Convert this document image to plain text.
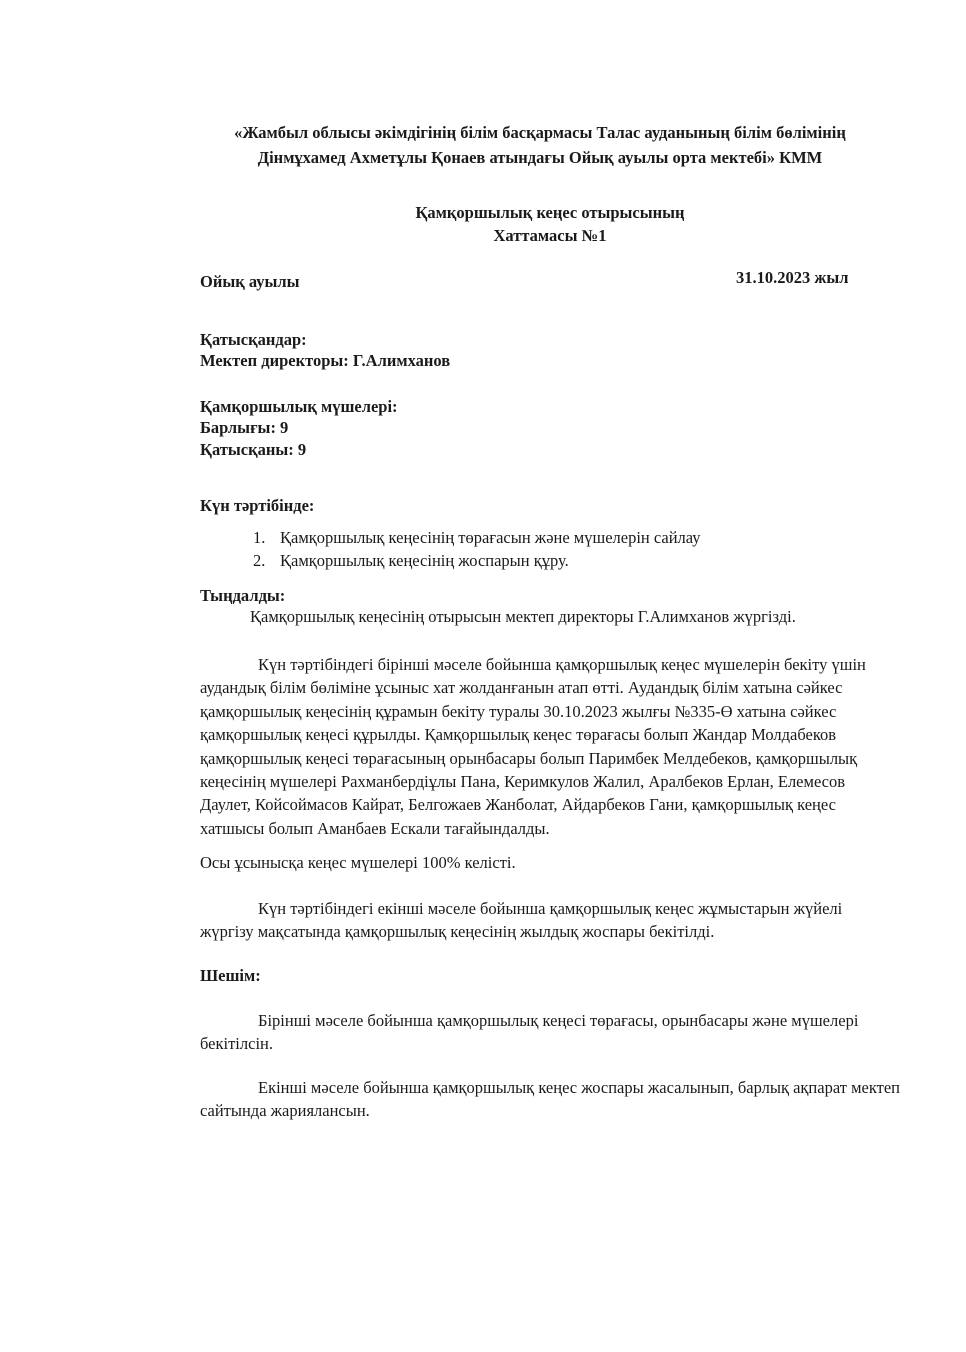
«Жамбыл облысы әкімдігінің білім басқармасы Талас ауданының білім бөлімінің
Дінмұхамед Ахметұлы Қонаев атындағы Ойық ауылы орта мектебі» КММ
Қамқоршылық кеңес отырысының
Хаттамасы №1
Ойық ауылы	31.10.2023 жыл
Қатысқандар:
Мектеп директоры: Г.Алимханов
Қамқоршылық мүшелері:
Барлығы: 9
Қатысқаны: 9
Күн тәртібінде:
1. Қамқоршылық кеңесінің төрағасын және мүшелерін сайлау
2. Қамқоршылық кеңесінің жоспарын құру.
Тыңдалды:
Қамқоршылық кеңесінің отырысын мектеп директоры Г.Алимханов жүргізді.
Күн тәртібіндегі бірінші мәселе бойынша қамқоршылық кеңес мүшелерін бекіту үшін аудандық білім бөліміне ұсыныс хат жолданғанын атап өтті. Аудандық білім хатына сәйкес қамқоршылық кеңесінің құрамын бекіту туралы 30.10.2023 жылғы №335-Ө хатына сәйкес қамқоршылық кеңесі құрылды. Қамқоршылық кеңес төрағасы болып Жандар Молдабеков қамқоршылық кеңесі төрағасының орынбасары болып Паримбек Мелдебеков, қамқоршылық кеңесінің мүшелері Рахманбердіұлы Пана, Керимкулов Жалил, Аралбеков Ерлан, Елемесов Даулет, Койсоймасов Кайрат, Белгожаев Жанболат, Айдарбеков Гани, қамқоршылық кеңес хатшысы болып Аманбаев Ескали тағайындалды.
Осы ұсынысқа кеңес мүшелері 100% келісті.
Күн тәртібіндегі екінші мәселе бойынша қамқоршылық кеңес жұмыстарын жүйелі жүргізу мақсатында қамқоршылық кеңесінің жылдық жоспары бекітілді.
Шешім:
Бірінші мәселе бойынша қамқоршылық кеңесі төрағасы, орынбасары және мүшелері бекітілсін.
Екінші мәселе бойынша қамқоршылық кеңес жоспары жасалынып, барлық ақпарат мектеп сайтында жариялансын.
